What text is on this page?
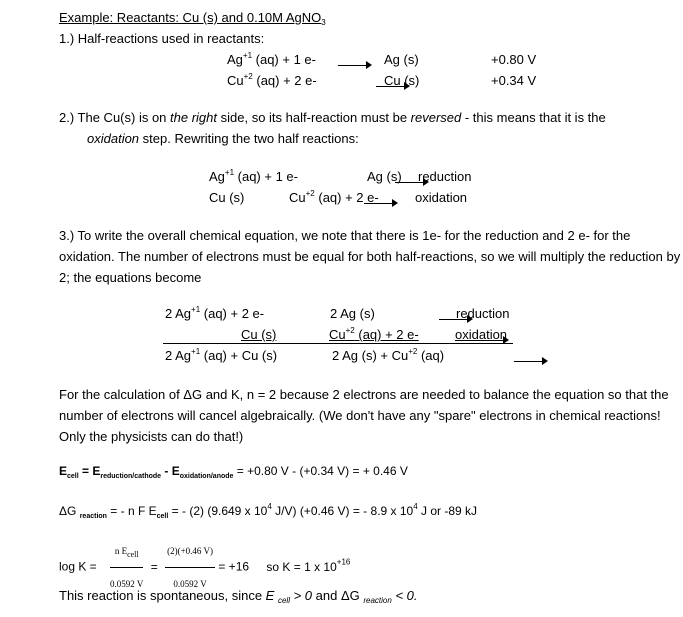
Example: Reactants: Cu (s) and 0.10M AgNO$_3$
1.) Half-reactions used in reactants:
$Ag^{+1}$ (aq) + 1 e-
	Ag (s)	+0.80 V
$Cu^{+2}$ (aq) + 2 e-
	Cu (s)	+0.34 V
2.) The Cu(s) is on the right side, so its half-reaction must be reversed - this means that it is the
oxidation step. Rewriting the two half reactions:
$Ag^{+1}$ (aq) + 1 e-
	Ag (s) reduction
Cu (s)
	$Cu^{+2}$ (aq) + 2 e-	oxidation
3.) To write the overall chemical equation, we note that there is 1e- for the reduction and 2 e- for the oxidation. The number of electrons must be equal for both half-reactions, so we will multiply the reduction by 2; the equations become
2 $Ag^{+1}$ (aq) + 2 e-
	2 Ag (s)	reduction
Cu (s)
	$Cu^{+2}$ (aq) + 2 e-	oxidation
2 $Ag^{+1}$ (aq) + Cu (s)	2 Ag $(s) + Cu^{+2}$ (aq)
For the calculation of ΔG and K, n = 2 because 2 electrons are needed to balance the equation so that the number of electrons will cancel algebraically. (We don't have any "spare" electrons in chemical reactions! Only the physicists can do that!)
$E_{cell} = E_{reduction/cathode} - E_{oxidation/anode} = +0.80$ V - (+0.34 V) = + 0.46 V
ΔG $_{reaction}$ = - n F $E_{cell}$ = - (2) (9.649 x $10^4$ J/V) (+0.46 V) = - 8.9 x $10^4$ J or -89 kJ
$\log K = \frac{n E_{cell}}{0.0592 V} = \frac{(2)(+0.46 V)}{0.0592 V} = +16$ so K = 1 x $10^{+16}$
This reaction is spontaneous, since E $_{cell}$ > 0 and ΔG $_{reaction}$ < 0.
